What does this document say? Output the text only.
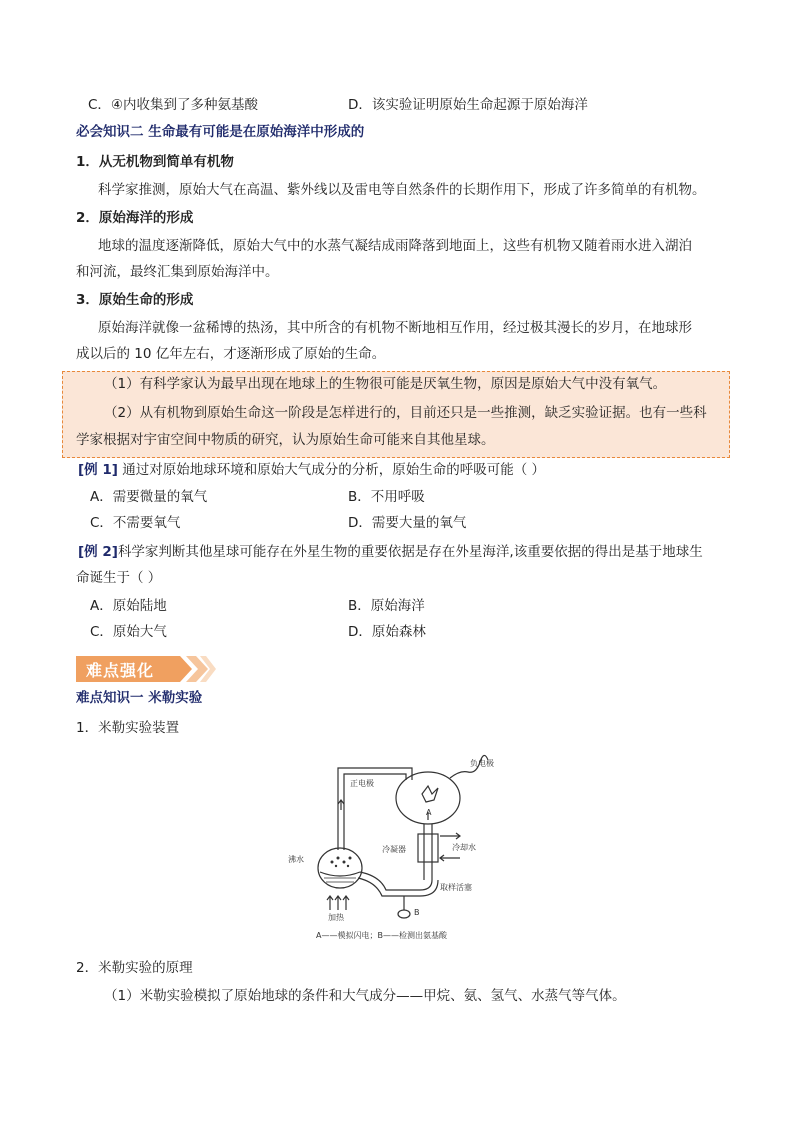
C．④内收集到了多种氨基酸	D．该实验证明原始生命起源于原始海洋
必会知识二 生命最有可能是在原始海洋中形成的
1．从无机物到简单有机物
科学家推测，原始大气在高温、紫外线以及雷电等自然条件的长期作用下，形成了许多简单的有机物。
2．原始海洋的形成
地球的温度逐渐降低，原始大气中的水蒸气凝结成雨降落到地面上，这些有机物又随着雨水进入湖泊
和河流，最终汇集到原始海洋中。
3．原始生命的形成
原始海洋就像一盆稀博的热汤，其中所含的有机物不断地相互作用，经过极其漫长的岁月，在地球形
成以后的 10 亿年左右，才逐渐形成了原始的生命。
（1）有科学家认为最早出现在地球上的生物很可能是厌氧生物，原因是原始大气中没有氧气。
（2）从有机物到原始生命这一阶段是怎样进行的，目前还只是一些推测，缺乏实验证据。也有一些科
学家根据对宇宙空间中物质的研究，认为原始生命可能来自其他星球。
[例 1] 通过对原始地球环境和原始大气成分的分析，原始生命的呼吸可能（ ）
A．需要微量的氧气	B．不用呼吸
C．不需要氧气	D．需要大量的氧气
[例 2]科学家判断其他星球可能存在外星生物的重要依据是存在外星海洋,该重要依据的得出是基于地球生
命诞生于（ ）
A．原始陆地	B．原始海洋
C．原始大气	D．原始森林
难点强化
难点知识一 米勒实验
1．米勒实验装置
负电极
正电极
A
冷凝器	冷却水
沸水
取样活塞
加热
B
A——模拟闪电；B——检测出氨基酸
2．米勒实验的原理
（1）米勒实验模拟了原始地球的条件和大气成分——甲烷、氨、氢气、水蒸气等气体。
